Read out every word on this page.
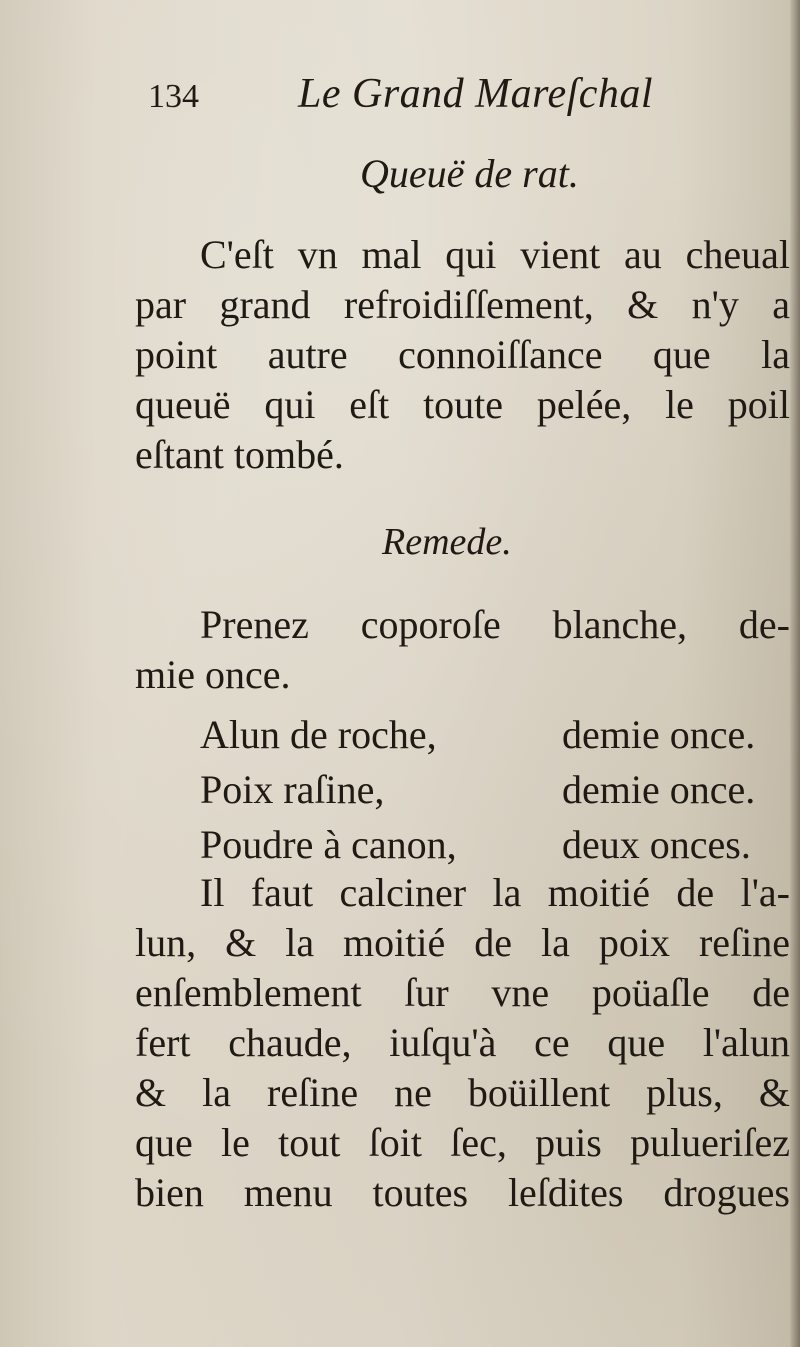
134 Le Grand Mareſchal
Queuë de rat.
C'eſt vn mal qui vient au cheual
par grand refroidiſſement, & n'y a
point autre connoiſſance que la
queuë qui eſt toute pelée, le poil
eſtant tombé.
Remede.
Prenez coporoſe blanche, de-
mie once.
Alun de roche,	demie once.
Poix raſine,	demie once.
Poudre à canon,	deux onces.
Il faut calciner la moitié de l'a-
lun, & la moitié de la poix reſine
enſemblement ſur vne poüaſle de
fert chaude, iuſqu'à ce que l'alun
& la reſine ne boüillent plus, &
que le tout ſoit ſec, puis pulueriſez
bien menu toutes leſdites drogues
